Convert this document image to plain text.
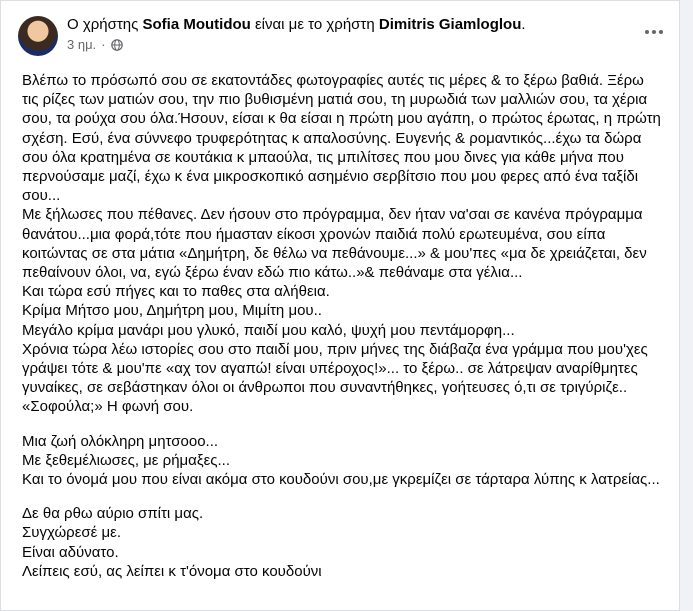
Ο χρήστης Sofia Moutidou είναι με το χρήστη Dimitris Giamloglou.
3 ημ. ·

Βλέπω το πρόσωπό σου σε εκατοντάδες φωτογραφίες αυτές τις μέρες & το ξέρω βαθιά. Ξέρω τις ρίζες των ματιών σου, την πιο βυθισμένη ματιά σου, τη μυρωδιά των μαλλιών σου, τα χέρια σου, τα ρούχα σου όλα.Ήσουν, είσαι κ θα είσαι η πρώτη μου αγάπη, ο πρώτος έρωτας, η πρώτη σχέση. Εσύ, ένα σύννεφο τρυφερότητας κ απαλοσύνης. Ευγενής & ρομαντικός...έχω τα δώρα σου όλα κρατημένα σε κουτάκια κ μπαούλα, τις μπιλίτσες που μου δινες για κάθε μήνα που περνούσαμε μαζί, έχω κ ένα μικροσκοπικό ασημένιο σερβίτσιο που μου φερες από ένα ταξίδι σου...

Με ξήλωσες που πέθανες. Δεν ήσουν στο πρόγραμμα, δεν ήταν να'σαι σε κανένα πρόγραμμα θανάτου...μια φορά,τότε που ήμασταν είκοσι χρονών παιδιά πολύ ερωτευμένα, σου είπα κοιτώντας σε στα μάτια «Δημήτρη, δε θέλω να πεθάνουμε...» & μου'πες «μα δε χρειάζεται, δεν πεθαίνουν όλοι, να, εγώ ξέρω έναν εδώ πιο κάτω..»& πεθάναμε στα γέλια...

Και τώρα εσύ πήγες και το παθες στα αλήθεια.

Κρίμα Μήτσο μου, Δημήτρη μου, Μιμίτη μου..

Μεγάλο κρίμα μανάρι μου γλυκό, παιδί μου καλό, ψυχή μου πεντάμορφη...

Χρόνια τώρα λέω ιστορίες σου στο παιδί μου, πριν μήνες της διάβαζα ένα γράμμα που μου'χες γράψει τότε & μου'πε «αχ τον αγαπώ! είναι υπέροχος!»... το ξέρω.. σε λάτρεψαν αναρίθμητες γυναίκες, σε σεβάστηκαν όλοι οι άνθρωποι που συναντήθηκες, γοήτευσες ό,τι σε τριγύριζε.. «Σοφούλα;» Η φωνή σου.

Μια ζωή ολόκληρη μητσοοο...

Με ξεθεμέλιωσες, με ρήμαξες...

Και το όνομά μου που είναι ακόμα στο κουδούνι σου,με γκρεμίζει σε τάρταρα λύπης κ λατρείας...

Δε θα ρθω αύριο σπίτι μας.

Συγχώρεσέ με.

Είναι αδύνατο.

Λείπεις εσύ, ας λείπει κ τ'όνομα στο κουδούνι
